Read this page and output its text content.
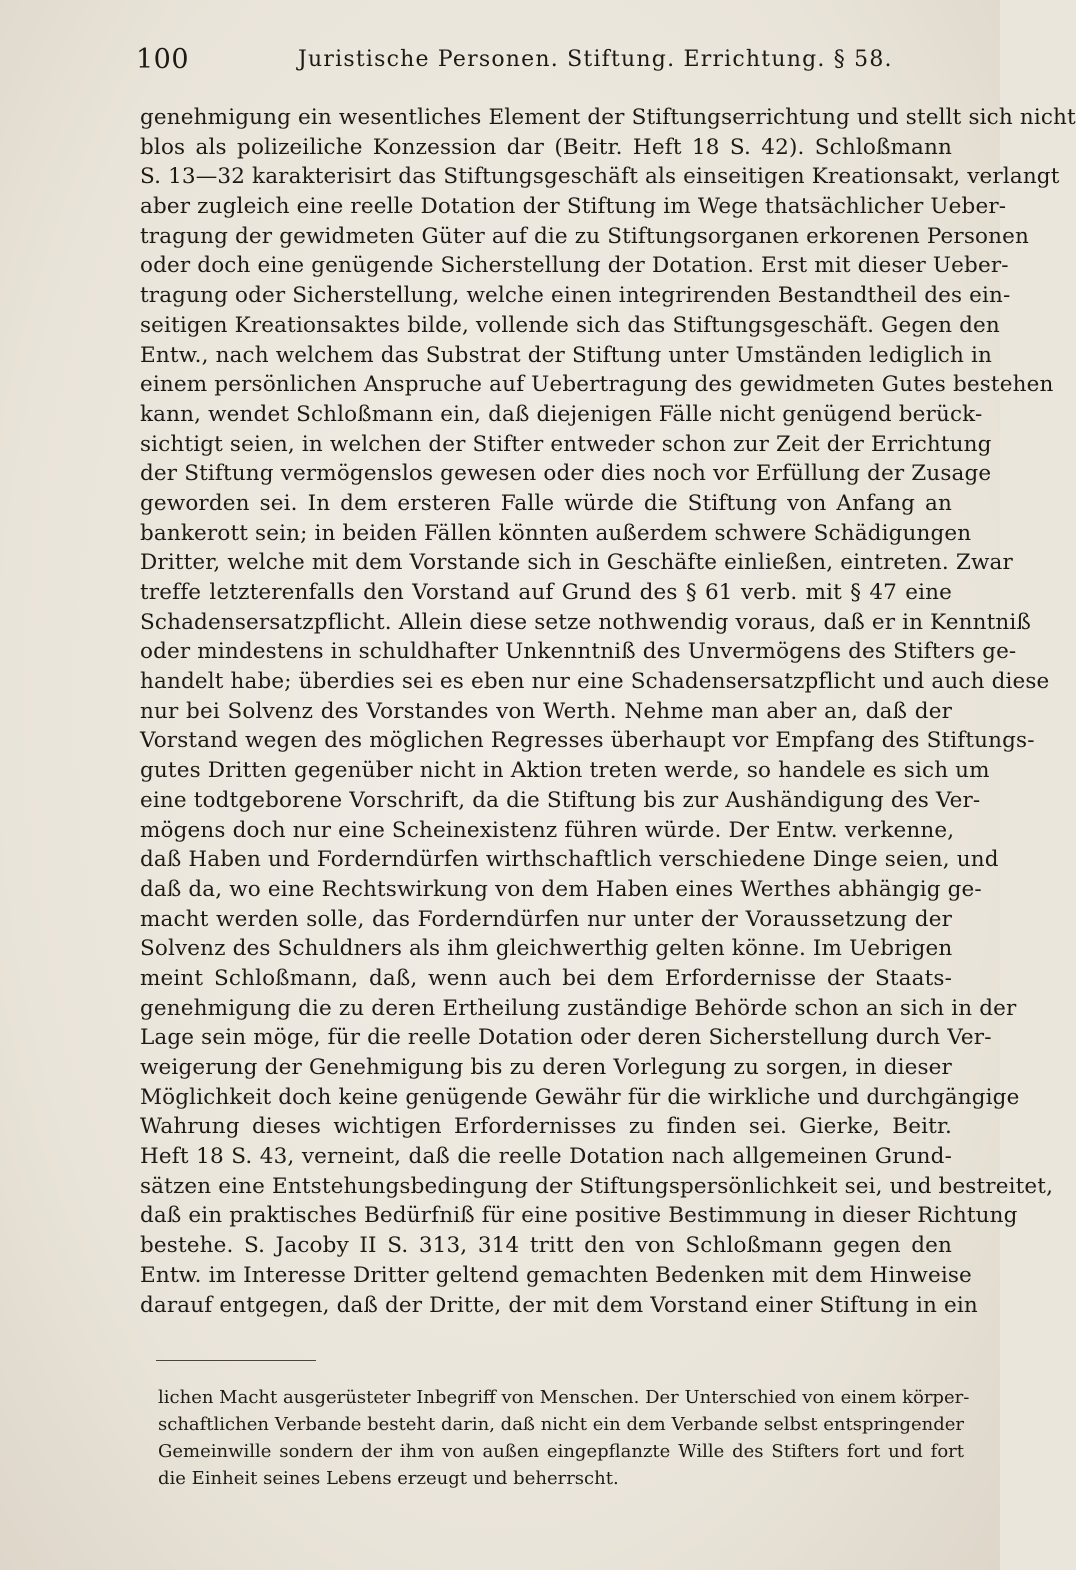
100	Juristische Personen. Stiftung. Errichtung. § 58.
genehmigung ein wesentliches Element der Stiftungserrichtung und stellt sich nicht
blos als polizeiliche Konzession dar (Beitr. Heft 18 S. 42). Schloßmann
S. 13—32 karakterisirt das Stiftungsgeschäft als einseitigen Kreationsakt, verlangt
aber zugleich eine reelle Dotation der Stiftung im Wege thatsächlicher Ueber-
tragung der gewidmeten Güter auf die zu Stiftungsorganen erkorenen Personen
oder doch eine genügende Sicherstellung der Dotation. Erst mit dieser Ueber-
tragung oder Sicherstellung, welche einen integrirenden Bestandtheil des ein-
seitigen Kreationsaktes bilde, vollende sich das Stiftungsgeschäft. Gegen den
Entw., nach welchem das Substrat der Stiftung unter Umständen lediglich in
einem persönlichen Anspruche auf Uebertragung des gewidmeten Gutes bestehen
kann, wendet Schloßmann ein, daß diejenigen Fälle nicht genügend berück-
sichtigt seien, in welchen der Stifter entweder schon zur Zeit der Errichtung
der Stiftung vermögenslos gewesen oder dies noch vor Erfüllung der Zusage
geworden sei. In dem ersteren Falle würde die Stiftung von Anfang an
bankerott sein; in beiden Fällen könnten außerdem schwere Schädigungen
Dritter, welche mit dem Vorstande sich in Geschäfte einließen, eintreten. Zwar
treffe letzterenfalls den Vorstand auf Grund des § 61 verb. mit § 47 eine
Schadensersatzpflicht. Allein diese setze nothwendig voraus, daß er in Kenntniß
oder mindestens in schuldhafter Unkenntniß des Unvermögens des Stifters ge-
handelt habe; überdies sei es eben nur eine Schadensersatzpflicht und auch diese
nur bei Solvenz des Vorstandes von Werth. Nehme man aber an, daß der
Vorstand wegen des möglichen Regresses überhaupt vor Empfang des Stiftungs-
gutes Dritten gegenüber nicht in Aktion treten werde, so handele es sich um
eine todtgeborene Vorschrift, da die Stiftung bis zur Aushändigung des Ver-
mögens doch nur eine Scheinexistenz führen würde. Der Entw. verkenne,
daß Haben und Forderndürfen wirthschaftlich verschiedene Dinge seien, und
daß da, wo eine Rechtswirkung von dem Haben eines Werthes abhängig ge-
macht werden solle, das Forderndürfen nur unter der Voraussetzung der
Solvenz des Schuldners als ihm gleichwerthig gelten könne. Im Uebrigen
meint Schloßmann, daß, wenn auch bei dem Erfordernisse der Staats-
genehmigung die zu deren Ertheilung zuständige Behörde schon an sich in der
Lage sein möge, für die reelle Dotation oder deren Sicherstellung durch Ver-
weigerung der Genehmigung bis zu deren Vorlegung zu sorgen, in dieser
Möglichkeit doch keine genügende Gewähr für die wirkliche und durchgängige
Wahrung dieses wichtigen Erfordernisses zu finden sei. Gierke, Beitr.
Heft 18 S. 43, verneint, daß die reelle Dotation nach allgemeinen Grund-
sätzen eine Entstehungsbedingung der Stiftungspersönlichkeit sei, und bestreitet,
daß ein praktisches Bedürfniß für eine positive Bestimmung in dieser Richtung
bestehe. S. Jacoby II S. 313, 314 tritt den von Schloßmann gegen den
Entw. im Interesse Dritter geltend gemachten Bedenken mit dem Hinweise
darauf entgegen, daß der Dritte, der mit dem Vorstand einer Stiftung in ein
lichen Macht ausgerüsteter Inbegriff von Menschen. Der Unterschied von einem körper-
schaftlichen Verbande besteht darin, daß nicht ein dem Verbande selbst entspringender
Gemeinwille sondern der ihm von außen eingepflanzte Wille des Stifters fort und fort
die Einheit seines Lebens erzeugt und beherrscht.
